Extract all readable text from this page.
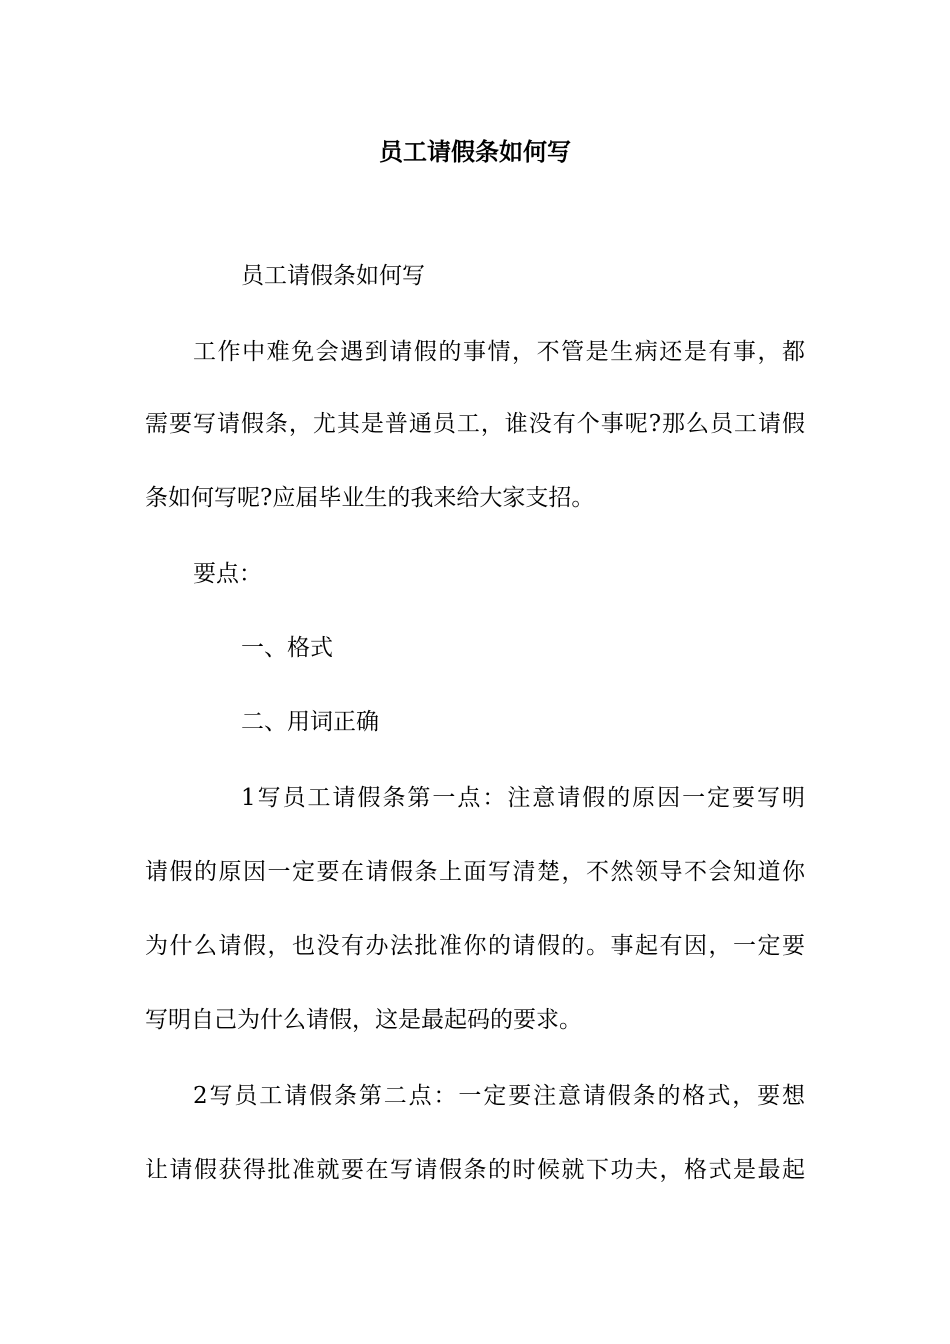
员工请假条如何写
员工请假条如何写
工作中难免会遇到请假的事情，不管是生病还是有事，都
需要写请假条，尤其是普通员工，谁没有个事呢?那么员工请假
条如何写呢?应届毕业生的我来给大家支招。
要点：
一、格式
二、用词正确
1写员工请假条第一点：注意请假的原因一定要写明
请假的原因一定要在请假条上面写清楚，不然领导不会知道你
为什么请假，也没有办法批准你的请假的。事起有因，一定要
写明自己为什么请假，这是最起码的要求。
2写员工请假条第二点：一定要注意请假条的格式，要想
让请假获得批准就要在写请假条的时候就下功夫，格式是最起
